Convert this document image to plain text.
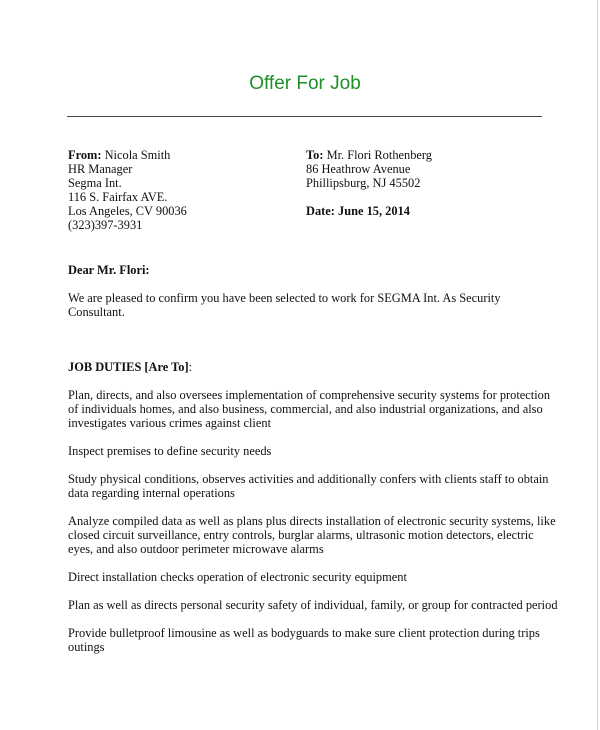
Offer For Job
From: Nicola Smith
HR Manager
Segma Int.
116 S. Fairfax AVE.
Los Angeles, CV 90036
(323)397-3931
To: Mr. Flori Rothenberg
86 Heathrow Avenue
Phillipsburg, NJ 45502
Date: June 15, 2014
Dear Mr. Flori:
We are pleased to confirm you have been selected to work for SEGMA Int. As Security
Consultant.
JOB DUTIES [Are To]:
Plan, directs, and also oversees implementation of comprehensive security systems for protection
of individuals homes, and also business, commercial, and also industrial organizations, and also
investigates various crimes against client
Inspect premises to define security needs
Study physical conditions, observes activities and additionally confers with clients staff to obtain
data regarding internal operations
Analyze compiled data as well as plans plus directs installation of electronic security systems, like
closed circuit surveillance, entry controls, burglar alarms, ultrasonic motion detectors, electric
eyes, and also outdoor perimeter microwave alarms
Direct installation checks operation of electronic security equipment
Plan as well as directs personal security safety of individual, family, or group for contracted period
Provide bulletproof limousine as well as bodyguards to make sure client protection during trips
outings
